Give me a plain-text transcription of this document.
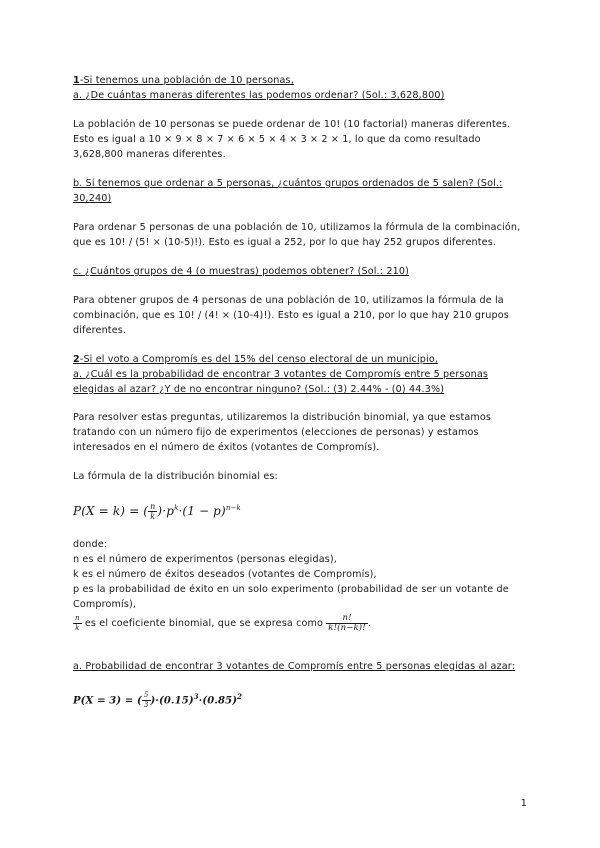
1-Si tenemos una población de 10 personas,
a. ¿De cuántas maneras diferentes las podemos ordenar? (Sol.: 3,628,800)
La población de 10 personas se puede ordenar de 10! (10 factorial) maneras diferentes.
Esto es igual a 10 × 9 × 8 × 7 × 6 × 5 × 4 × 3 × 2 × 1, lo que da como resultado
3,628,800 maneras diferentes.
b. Si tenemos que ordenar a 5 personas, ¿cuántos grupos ordenados de 5 salen? (Sol.:
30,240)
Para ordenar 5 personas de una población de 10, utilizamos la fórmula de la combinación,
que es 10! / (5! × (10-5)!). Esto es igual a 252, por lo que hay 252 grupos diferentes.
c. ¿Cuántos grupos de 4 (o muestras) podemos obtener? (Sol.: 210)
Para obtener grupos de 4 personas de una población de 10, utilizamos la fórmula de la
combinación, que es 10! / (4! × (10-4)!). Esto es igual a 210, por lo que hay 210 grupos
diferentes.
2-Si el voto a Compromís es del 15% del censo electoral de un municipio,
a. ¿Cuál es la probabilidad de encontrar 3 votantes de Compromís entre 5 personas
elegidas al azar? ¿Y de no encontrar ninguno? (Sol.: (3) 2.44% - (0) 44.3%)
Para resolver estas preguntas, utilizaremos la distribución binomial, ya que estamos
tratando con un número fijo de experimentos (elecciones de personas) y estamos
interesados en el número de éxitos (votantes de Compromís).
La fórmula de la distribución binomial es:
P(X = k) = ( $\frac{n}{k} )\cdot p^k\cdot(1 - p)^{n-k}$
donde:
n es el número de experimentos (personas elegidas),
k es el número de éxitos deseados (votantes de Compromís),
p es la probabilidad de éxito en un solo experimento (probabilidad de ser un votante de
Compromís),
$\frac{n}{k}$ es el coeficiente binomial, que se expresa como $\frac{n!}{k!(n-k)!}$ .
a. Probabilidad de encontrar 3 votantes de Compromís entre 5 personas elegidas al azar:
P(X = 3) = ( $\frac{5}{3} )\cdot(0.15)^3\cdot(0.85)^2$
1
